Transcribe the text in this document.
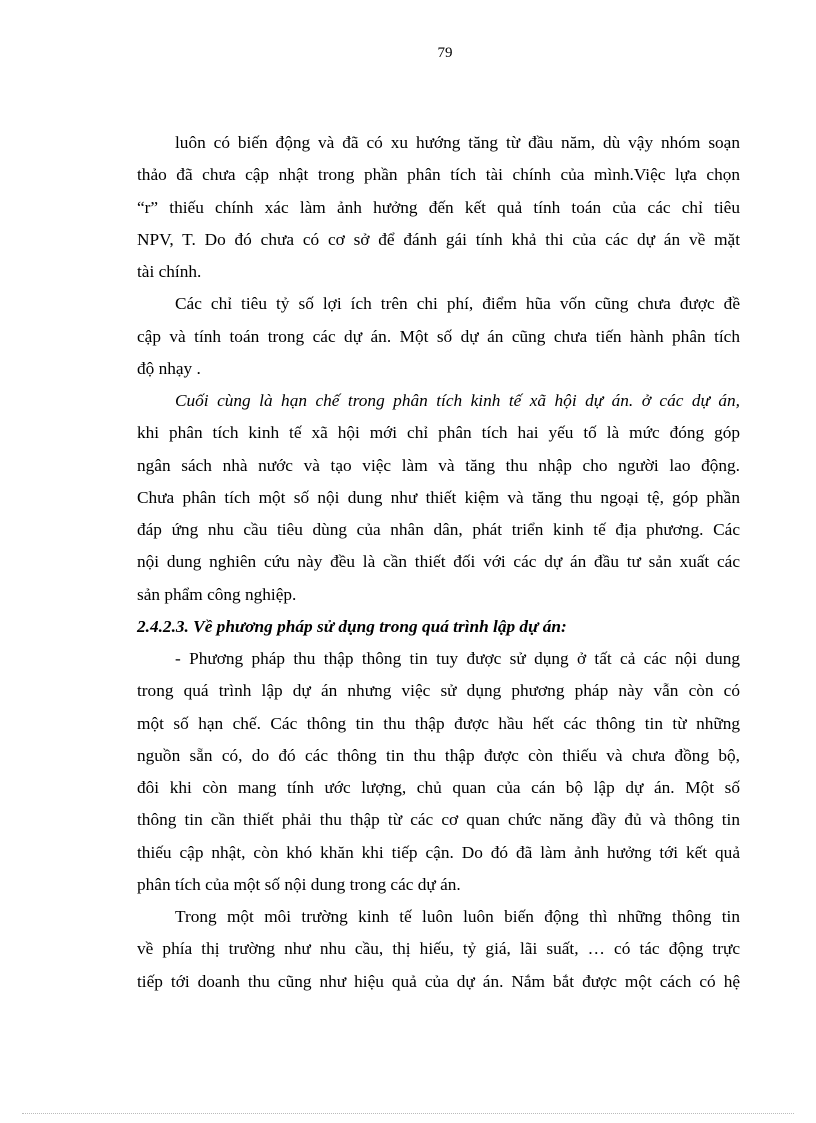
79
luôn có biến động và đã có xu hướng tăng từ đầu năm, dù vậy nhóm soạn
thảo đã chưa cập nhật trong phần phân tích tài chính của mình.Việc lựa chọn
“r” thiếu chính xác làm ảnh hưởng đến kết quả tính toán của các chỉ tiêu
NPV, T. Do đó chưa có cơ sở để đánh gái tính khả thi của các dự án về mặt
tài chính.
Các chỉ tiêu tỷ số lợi ích trên chi phí, điểm hũa vốn cũng chưa được đề
cập và tính toán trong các dự án. Một số dự án cũng chưa tiến hành phân tích
độ nhạy .
Cuối cùng là hạn chế trong phân tích kinh tế xã hội dự án. ở các dự án,
khi phân tích kinh tế xã hội mới chỉ phân tích hai yếu tố là mức đóng góp
ngân sách nhà nước và tạo việc làm và tăng thu nhập cho người lao động.
Chưa phân tích một số nội dung như thiết kiệm và tăng thu ngoại tệ, góp phần
đáp ứng nhu cầu tiêu dùng của nhân dân, phát triển kinh tế địa phương. Các
nội dung nghiên cứu này đều là cần thiết đối với các dự án đầu tư sản xuất các
sản phẩm công nghiệp.
2.4.2.3. Về phương pháp sử dụng trong quá trình lập dự án:
- Phương pháp thu thập thông tin tuy được sử dụng ở tất cả các nội dung
trong quá trình lập dự án nhưng việc sử dụng phương pháp này vẫn còn có
một số hạn chế. Các thông tin thu thập được hầu hết các thông tin từ những
nguồn sẵn có, do đó các thông tin thu thập được còn thiếu và chưa đồng bộ,
đôi khi còn mang tính ước lượng, chủ quan của cán bộ lập dự án. Một số
thông tin cần thiết phải thu thập từ các cơ quan chức năng đầy đủ và thông tin
thiếu cập nhật, còn khó khăn khi tiếp cận. Do đó đã làm ảnh hưởng tới kết quả
phân tích của một số nội dung trong các dự án.
Trong một môi trường kinh tế luôn luôn biến động thì những thông tin
về phía thị trường như nhu cầu, thị hiếu, tỷ giá, lãi suất, … có tác động trực
tiếp tới doanh thu cũng như hiệu quả của dự án. Nắm bắt được một cách có hệ
